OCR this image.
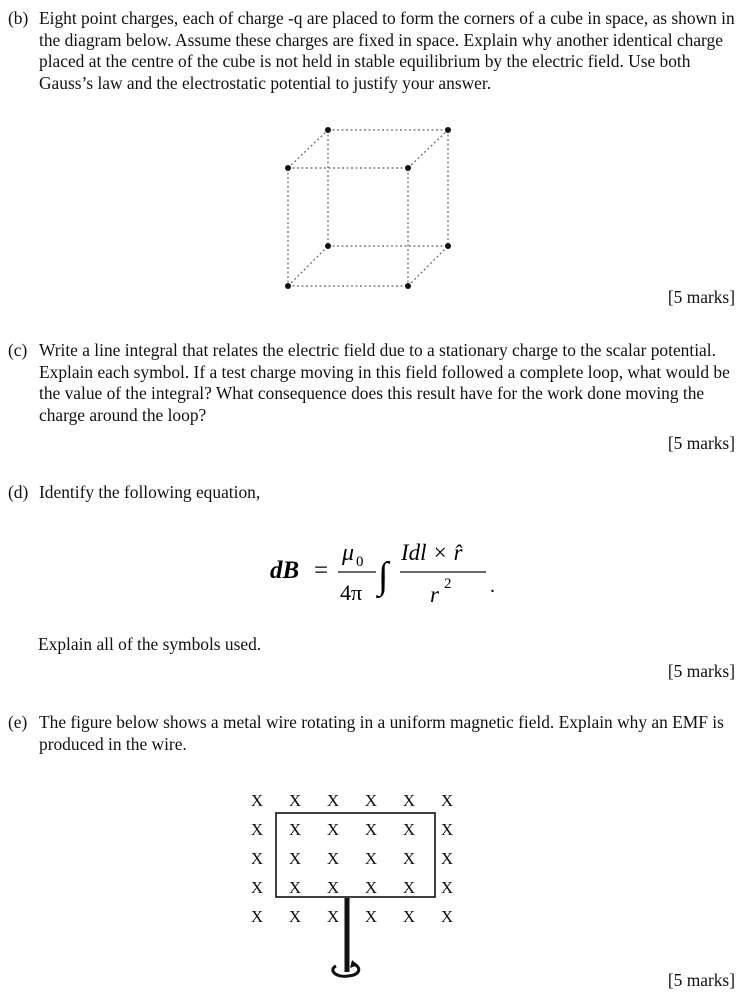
(b) Eight point charges, each of charge -q are placed to form the corners of a cube in space, as shown in the diagram below. Assume these charges are fixed in space. Explain why another identical charge placed at the centre of the cube is not held in stable equilibrium by the electric field. Use both Gauss’s law and the electrostatic potential to justify your answer.
[5 marks]
(c) Write a line integral that relates the electric field due to a stationary charge to the scalar potential. Explain each symbol. If a test charge moving in this field followed a complete loop, what would be the value of the integral? What consequence does this result have for the work done moving the charge around the loop?
[5 marks]
(d) Identify the following equation,
dB =
μ 0
4π ∫
Idl × r̂
r 2 .
Explain all of the symbols used.
[5 marks]
(e) The figure below shows a metal wire rotating in a uniform magnetic field. Explain why an EMF is produced in the wire.
X X X X X X
X X X X X X
X X X X X X
X X X X X X
X X X X X X
[5 marks]
